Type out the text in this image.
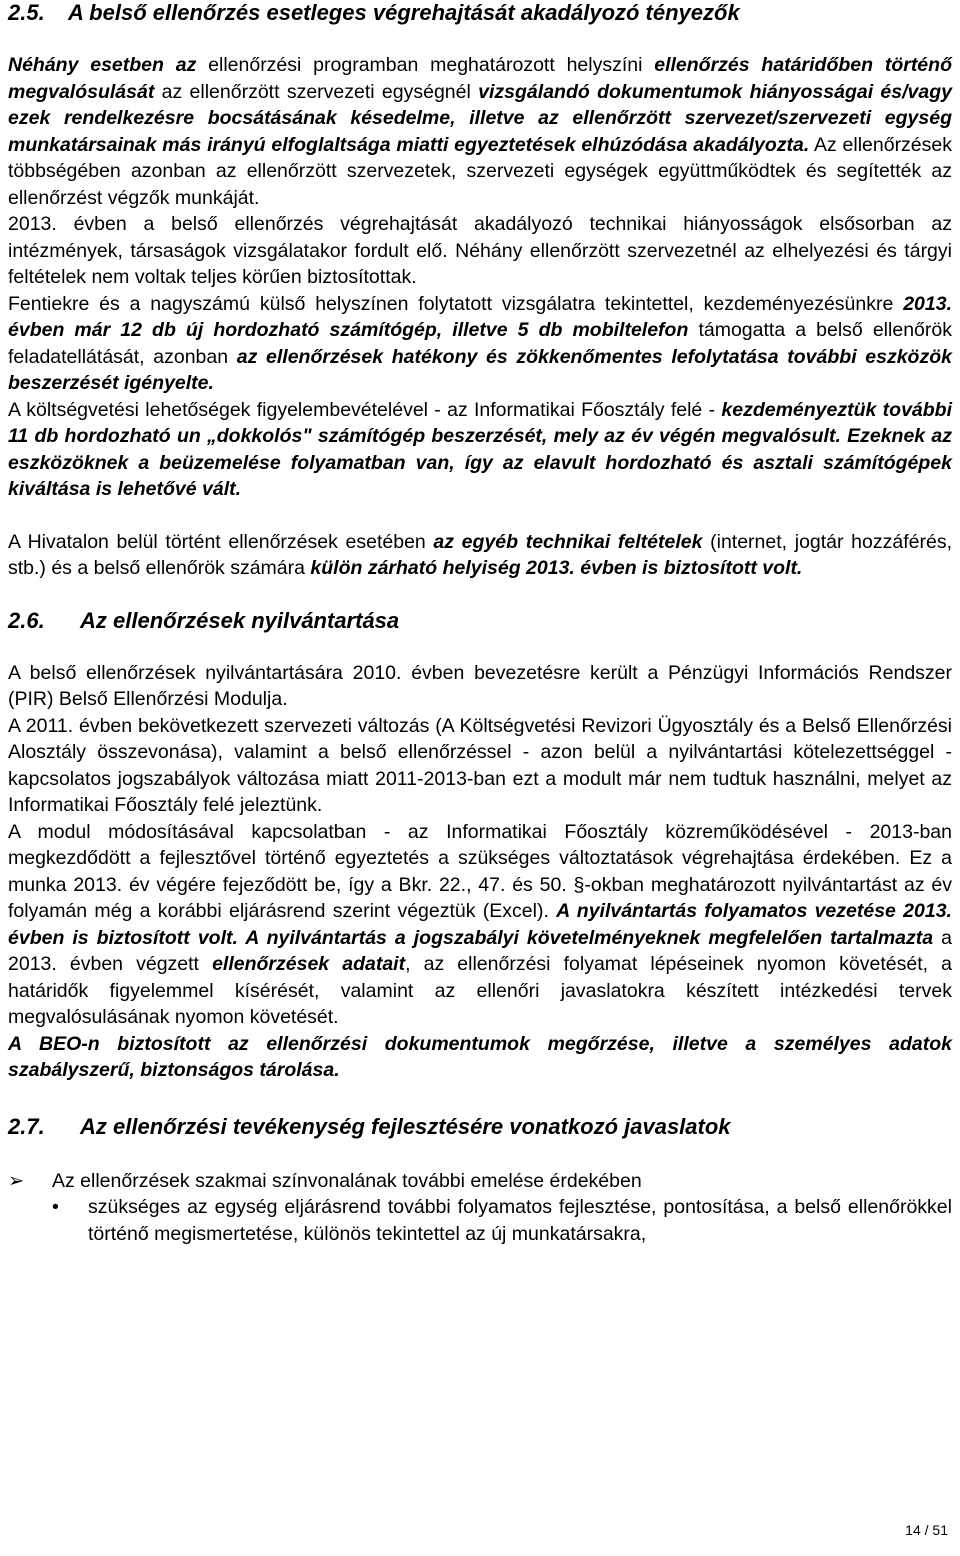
2.5.	A belső ellenőrzés esetleges végrehajtását akadályozó tényezők

Néhány esetben az ellenőrzési programban meghatározott helyszíni ellenőrzés határidőben történő megvalósulását az ellenőrzött szervezeti egységnél vizsgálandó dokumentumok hiányosságai és/vagy ezek rendelkezésre bocsátásának késedelme, illetve az ellenőrzött szervezet/szervezeti egység munkatársainak más irányú elfoglaltsága miatti egyeztetések elhúzódása akadályozta. Az ellenőrzések többségében azonban az ellenőrzött szervezetek, szervezeti egységek együttműködtek és segítették az ellenőrzést végzők munkáját.

2013. évben a belső ellenőrzés végrehajtását akadályozó technikai hiányosságok elsősorban az intézmények, társaságok vizsgálatakor fordult elő. Néhány ellenőrzött szervezetnél az elhelyezési és tárgyi feltételek nem voltak teljes körűen biztosítottak.

Fentiekre és a nagyszámú külső helyszínen folytatott vizsgálatra tekintettel, kezdeményezésünkre 2013. évben már 12 db új hordozható számítógép, illetve 5 db mobiltelefon támogatta a belső ellenőrök feladatellátását, azonban az ellenőrzések hatékony és zökkenőmentes lefolytatása további eszközök beszerzését igényelte.

A költségvetési lehetőségek figyelembevételével - az Informatikai Főosztály felé - kezdeményeztük további 11 db hordozható un „dokkolós" számítógép beszerzését, mely az év végén megvalósult. Ezeknek az eszközöknek a beüzemelése folyamatban van, így az elavult hordozható és asztali számítógépek kiváltása is lehetővé vált.

A Hivatalon belül történt ellenőrzések esetében az egyéb technikai feltételek (internet, jogtár hozzáférés, stb.) és a belső ellenőrök számára külön zárható helyiség 2013. évben is biztosított volt.

2.6.	Az ellenőrzések nyilvántartása

A belső ellenőrzések nyilvántartására 2010. évben bevezetésre került a Pénzügyi Információs Rendszer (PIR) Belső Ellenőrzési Modulja.

A 2011. évben bekövetkezett szervezeti változás (A Költségvetési Revizori Ügyosztály és a Belső Ellenőrzési Alosztály összevonása), valamint a belső ellenőrzéssel - azon belül a nyilvántartási kötelezettséggel - kapcsolatos jogszabályok változása miatt 2011-2013-ban ezt a modult már nem tudtuk használni, melyet az Informatikai Főosztály felé jeleztünk.

A modul módosításával kapcsolatban - az Informatikai Főosztály közreműködésével - 2013-ban megkezdődött a fejlesztővel történő egyeztetés a szükséges változtatások végrehajtása érdekében. Ez a munka 2013. év végére fejeződött be, így a Bkr. 22., 47. és 50. §-okban meghatározott nyilvántartást az év folyamán még a korábbi eljárásrend szerint végeztük (Excel). A nyilvántartás folyamatos vezetése 2013. évben is biztosított volt. A nyilvántartás a jogszabályi követelményeknek megfelelően tartalmazta a 2013. évben végzett ellenőrzések adatait, az ellenőrzési folyamat lépéseinek nyomon követését, a határidők figyelemmel kísérését, valamint az ellenőri javaslatokra készített intézkedési tervek megvalósulásának nyomon követését.

A BEO-n biztosított az ellenőrzési dokumentumok megőrzése, illetve a személyes adatok szabályszerű, biztonságos tárolása.

2.7.	Az ellenőrzési tevékenység fejlesztésére vonatkozó javaslatok
➢	Az ellenőrzések szakmai színvonalának további emelése érdekében
•	szükséges az egység eljárásrend további folyamatos fejlesztése, pontosítása, a belső ellenőrökkel történő megismertetése, különös tekintettel az új munkatársakra,
14 / 51
